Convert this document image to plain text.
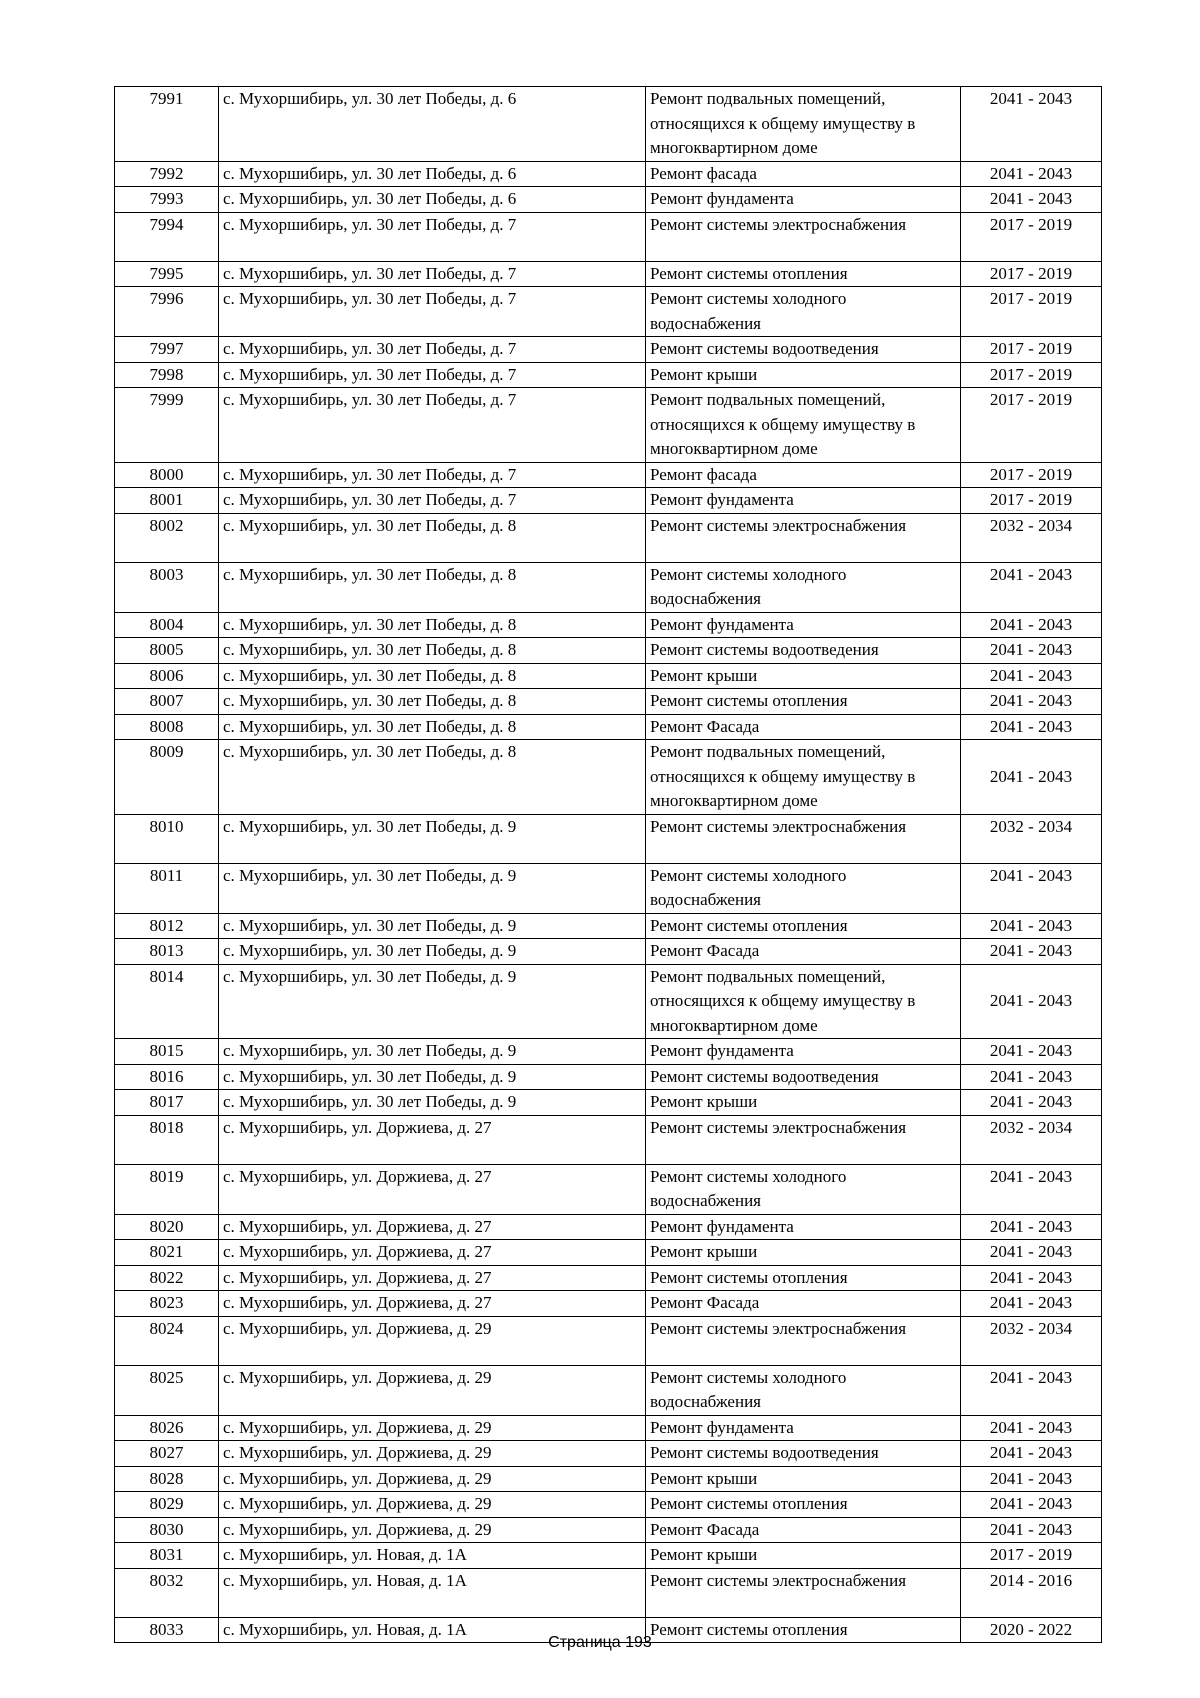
7991	с. Мухоршибирь, ул. 30 лет Победы, д. 6	Ремонт подвальных помещений, относящихся к общему имуществу в многоквартирном доме	2041 - 2043
7992	с. Мухоршибирь, ул. 30 лет Победы, д. 6	Ремонт фасада	2041 - 2043
7993	с. Мухоршибирь, ул. 30 лет Победы, д. 6	Ремонт фундамента	2041 - 2043
7994	с. Мухоршибирь, ул. 30 лет Победы, д. 7	Ремонт системы электроснабжения	2017 - 2019
7995	с. Мухоршибирь, ул. 30 лет Победы, д. 7	Ремонт системы отопления	2017 - 2019
7996	с. Мухоршибирь, ул. 30 лет Победы, д. 7	Ремонт системы холодного водоснабжения	2017 - 2019
7997	с. Мухоршибирь, ул. 30 лет Победы, д. 7	Ремонт системы водоотведения	2017 - 2019
7998	с. Мухоршибирь, ул. 30 лет Победы, д. 7	Ремонт крыши	2017 - 2019
7999	с. Мухоршибирь, ул. 30 лет Победы, д. 7	Ремонт подвальных помещений, относящихся к общему имуществу в многоквартирном доме	2017 - 2019
8000	с. Мухоршибирь, ул. 30 лет Победы, д. 7	Ремонт фасада	2017 - 2019
8001	с. Мухоршибирь, ул. 30 лет Победы, д. 7	Ремонт фундамента	2017 - 2019
8002	с. Мухоршибирь, ул. 30 лет Победы, д. 8	Ремонт системы электроснабжения	2032 - 2034
8003	с. Мухоршибирь, ул. 30 лет Победы, д. 8	Ремонт системы холодного водоснабжения	2041 - 2043
8004	с. Мухоршибирь, ул. 30 лет Победы, д. 8	Ремонт фундамента	2041 - 2043
8005	с. Мухоршибирь, ул. 30 лет Победы, д. 8	Ремонт системы водоотведения	2041 - 2043
8006	с. Мухоршибирь, ул. 30 лет Победы, д. 8	Ремонт крыши	2041 - 2043
8007	с. Мухоршибирь, ул. 30 лет Победы, д. 8	Ремонт системы отопления	2041 - 2043
8008	с. Мухоршибирь, ул. 30 лет Победы, д. 8	Ремонт Фасада	2041 - 2043
8009	с. Мухоршибирь, ул. 30 лет Победы, д. 8	Ремонт подвальных помещений, относящихся к общему имуществу в многоквартирном доме	2041 - 2043
8010	с. Мухоршибирь, ул. 30 лет Победы, д. 9	Ремонт системы электроснабжения	2032 - 2034
8011	с. Мухоршибирь, ул. 30 лет Победы, д. 9	Ремонт системы холодного водоснабжения	2041 - 2043
8012	с. Мухоршибирь, ул. 30 лет Победы, д. 9	Ремонт системы отопления	2041 - 2043
8013	с. Мухоршибирь, ул. 30 лет Победы, д. 9	Ремонт Фасада	2041 - 2043
8014	с. Мухоршибирь, ул. 30 лет Победы, д. 9	Ремонт подвальных помещений, относящихся к общему имуществу в многоквартирном доме	2041 - 2043
8015	с. Мухоршибирь, ул. 30 лет Победы, д. 9	Ремонт фундамента	2041 - 2043
8016	с. Мухоршибирь, ул. 30 лет Победы, д. 9	Ремонт системы водоотведения	2041 - 2043
8017	с. Мухоршибирь, ул. 30 лет Победы, д. 9	Ремонт крыши	2041 - 2043
8018	с. Мухоршибирь, ул. Доржиева, д. 27	Ремонт системы электроснабжения	2032 - 2034
8019	с. Мухоршибирь, ул. Доржиева, д. 27	Ремонт системы холодного водоснабжения	2041 - 2043
8020	с. Мухоршибирь, ул. Доржиева, д. 27	Ремонт фундамента	2041 - 2043
8021	с. Мухоршибирь, ул. Доржиева, д. 27	Ремонт крыши	2041 - 2043
8022	с. Мухоршибирь, ул. Доржиева, д. 27	Ремонт системы отопления	2041 - 2043
8023	с. Мухоршибирь, ул. Доржиева, д. 27	Ремонт Фасада	2041 - 2043
8024	с. Мухоршибирь, ул. Доржиева, д. 29	Ремонт системы электроснабжения	2032 - 2034
8025	с. Мухоршибирь, ул. Доржиева, д. 29	Ремонт системы холодного водоснабжения	2041 - 2043
8026	с. Мухоршибирь, ул. Доржиева, д. 29	Ремонт фундамента	2041 - 2043
8027	с. Мухоршибирь, ул. Доржиева, д. 29	Ремонт системы водоотведения	2041 - 2043
8028	с. Мухоршибирь, ул. Доржиева, д. 29	Ремонт крыши	2041 - 2043
8029	с. Мухоршибирь, ул. Доржиева, д. 29	Ремонт системы отопления	2041 - 2043
8030	с. Мухоршибирь, ул. Доржиева, д. 29	Ремонт Фасада	2041 - 2043
8031	с. Мухоршибирь, ул. Новая, д. 1А	Ремонт крыши	2017 - 2019
8032	с. Мухоршибирь, ул. Новая, д. 1А	Ремонт системы электроснабжения	2014 - 2016
8033	с. Мухоршибирь, ул. Новая, д. 1А	Ремонт системы отопления	2020 - 2022
Страница 193
